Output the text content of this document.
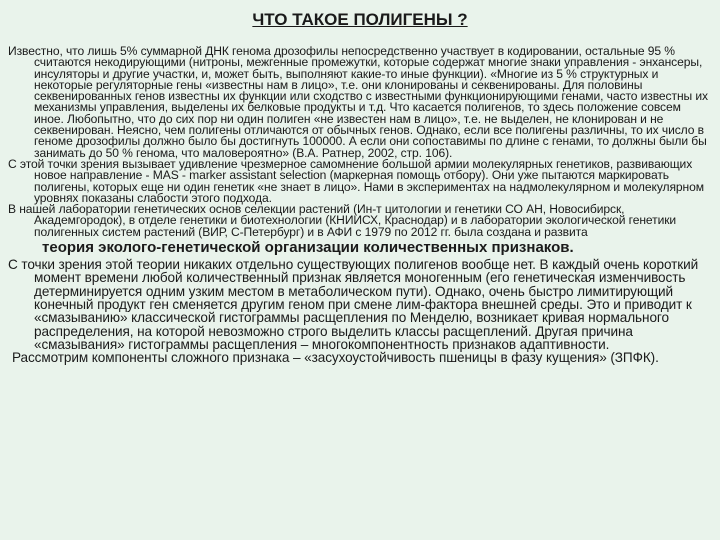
ЧТО ТАКОЕ ПОЛИГЕНЫ ?

Известно, что лишь 5% суммарной ДНК генома дрозофилы непосредственно участвует в кодировании, остальные 95 % считаются некодирующими (нитроны, межгенные промежутки, которые содержат многие знаки управления - энхансеры, инсуляторы и другие участки, и, может быть, выполняют какие-то иные функции). «Многие из 5 % структурных и некоторые регуляторные гены «известны нам в лицо», т.е. они клонированы и секвенированы. Для половины секвенированных генов известны их функции или сходство с известными функционирующими генами, часто известны их механизмы управления, выделены их белковые продукты и т.д. Что касается полигенов, то здесь положение совсем иное. Любопытно, что до сих пор ни один полиген «не известен нам в лицо», т.е. не выделен, не клонирован и не секвенирован. Неясно, чем полигены отличаются от обычных генов. Однако, если все полигены различны, то их число в геноме дрозофилы должно было бы достигнуть 100000. А если они сопоставимы по длине с генами, то должны были бы занимать до 50 % генома, что маловероятно» (В.А. Ратнер, 2002, стр. 106).

С этой точки зрения вызывает удивление чрезмерное самомнение большой армии молекулярных генетиков, развивающих новое направление - MAS - marker assistant selection (маркерная помощь отбору). Они уже пытаются маркировать полигены, которых еще ни один генетик «не знает в лицо». Нами в экспериментах на надмолекулярном и молекулярном уровнях показаны слабости этого подхода.

В нашей лаборатории генетических основ селекции растений (Ин-т цитологии и генетики СО АН, Новосибирск, Академгородок), в отделе генетики и биотехнологии (КНИИСХ, Краснодар) и в лаборатории экологической генетики полигенных систем растений (ВИР, С-Петербург) и в АФИ с 1979 по 2012 гг. была создана и развита

теория эколого-генетической организации количественных признаков.

С точки зрения этой теории никаких отдельно существующих полигенов вообще нет. В каждый очень короткий момент времени любой количественный признак является моногенным (его генетическая изменчивость детерминируется одним узким местом в метаболическом пути). Однако, очень быстро лимитирующий конечный продукт ген сменяется другим геном при смене лим-фактора внешней среды. Это и приводит к «смазыванию» классической гистограммы расщепления по Менделю, возникает кривая нормального распределения, на которой невозможно строго выделить классы расщеплений. Другая причина «смазывания» гистограммы расщепления – многокомпонентность признаков адаптивности.

Рассмотрим компоненты сложного признака – «засухоустойчивость пшеницы в фазу кущения» (ЗПФК).
